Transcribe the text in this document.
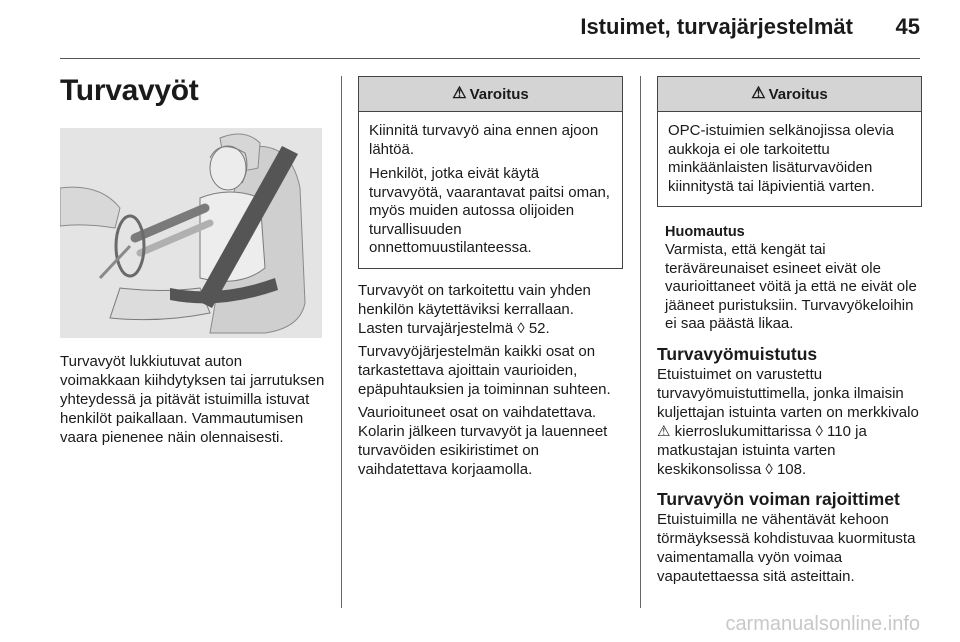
Istuimet, turvajärjestelmät 45
Turvavyöt

Turvavyöt lukkiutuvat auton voimakkaan kiihdytyksen tai jarrutuksen yhteydessä ja pitävät istuimilla istuvat henkilöt paikallaan. Vammautumisen vaara pienenee näin olennaisesti.

⚠ Varoitus

Kiinnitä turvavyö aina ennen ajoon lähtöä.

Henkilöt, jotka eivät käytä turvavyötä, vaarantavat paitsi oman, myös muiden autossa olijoiden turvallisuuden onnettomuustilanteessa.

Turvavyöt on tarkoitettu vain yhden henkilön käytettäviksi kerrallaan. Lasten turvajärjestelmä ◊ 52.

Turvavyöjärjestelmän kaikki osat on tarkastettava ajoittain vaurioiden, epäpuhtauksien ja toiminnan suhteen.

Vaurioituneet osat on vaihdatettava. Kolarin jälkeen turvavyöt ja lauenneet turvavöiden esikiristimet on vaihdatettava korjaamolla.

⚠ Varoitus

OPC-istuimien selkänojissa olevia aukkoja ei ole tarkoitettu minkäänlaisten lisäturvavöiden kiinnitystä tai läpivientiä varten.

Huomautus

Varmista, että kengät tai teräväreunaiset esineet eivät ole vaurioittaneet vöitä ja että ne eivät ole jääneet puristuksiin. Turvavyökeloihin ei saa päästä likaa.

Turvavyömuistutus

Etuistuimet on varustettu turvavyömuistuttimella, jonka ilmaisin kuljettajan istuinta varten on merkkivalo ⚠ kierroslukumittarissa ◊ 110 ja matkustajan istuinta varten keskikonsolissa ◊ 108.

Turvavyön voiman rajoittimet

Etuistuimilla ne vähentävät kehoon törmäyksessä kohdistuvaa kuormitusta vaimentamalla vyön voimaa vapautettaessa sitä asteittain.

carmanualsonline.info
